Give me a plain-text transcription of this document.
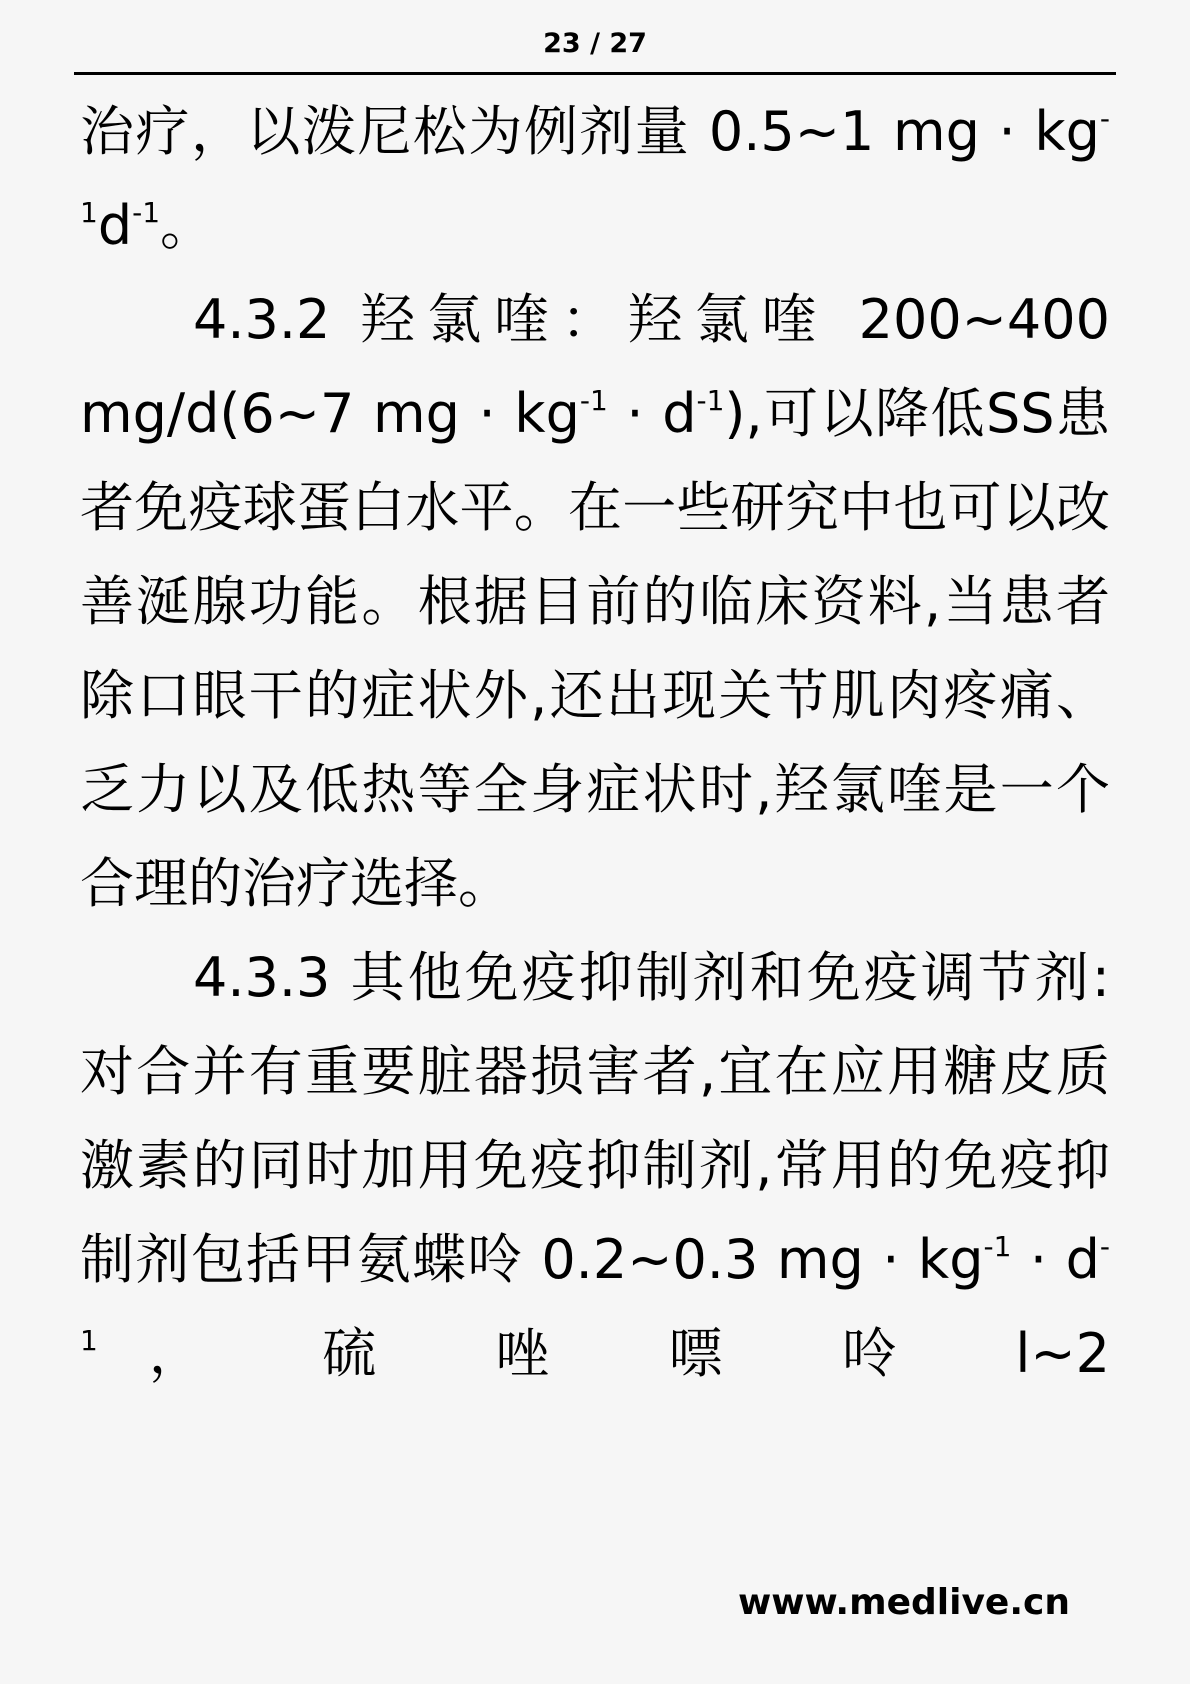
23 / 27

治疗，以泼尼松为例剂量 0.5~1 mg · $kg^{-1}d^{-1}$。

4.3.2 羟氯喹：羟氯喹 200~400 mg/d(6~7 mg · $kg^{-1} \cdot d^{-1}$),可以降低SS患者免疫球蛋白水平。在一些研究中也可以改善涎腺功能。根据目前的临床资料,当患者除口眼干的症状外,还出现关节肌肉疼痛、乏力以及低热等全身症状时,羟氯喹是一个合理的治疗选择。

4.3.3 其他免疫抑制剂和免疫调节剂:对合并有重要脏器损害者,宜在应用糖皮质激素的同时加用免疫抑制剂,常用的免疫抑制剂包括甲氨蝶呤 0.2~0.3 mg · $kg^{-1} \cdot d^{-1}$， 硫 唑 嘌 呤 l~2

www.medlive.cn
